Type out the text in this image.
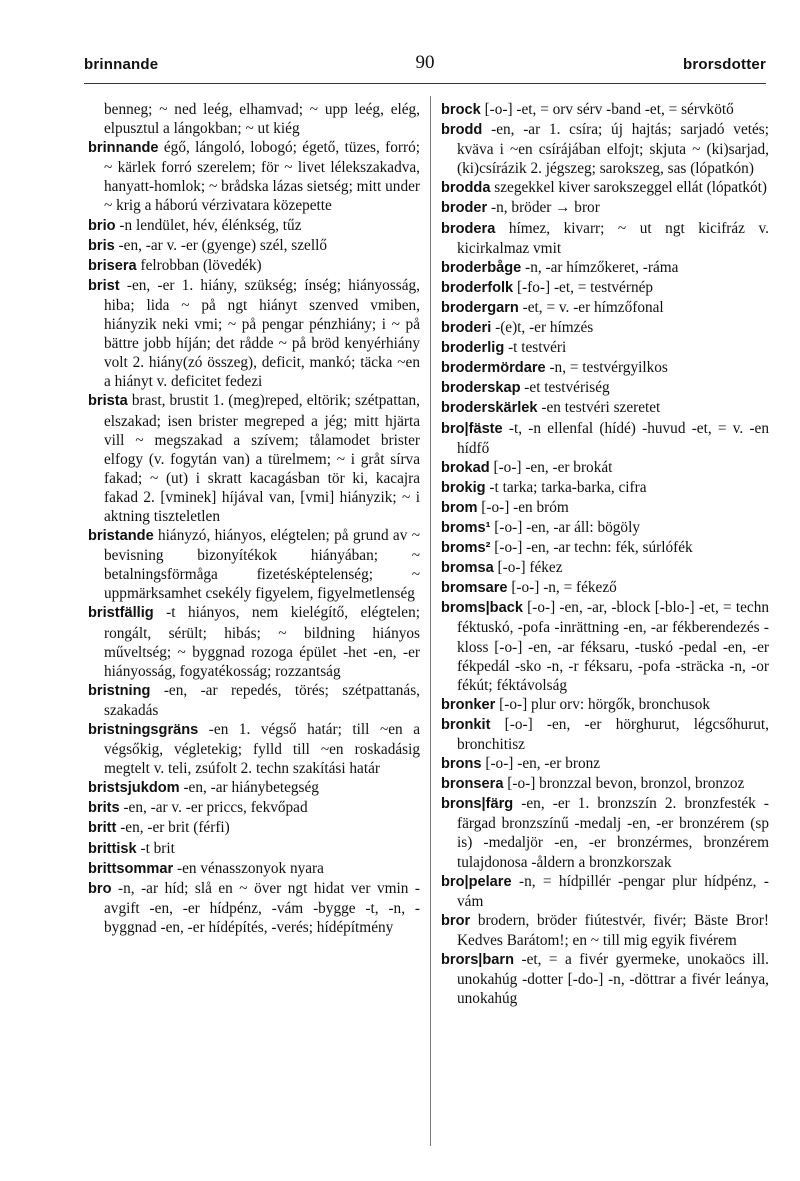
brinnande	90	brorsdotter

benneg; ~ ned leég, elhamvad; ~ upp leég, elég, elpusztul a lángokban; ~ ut kiég

brinnande égő, lángoló, lobogó; égető, tüzes, forró; ~ kärlek forró szerelem; för ~ livet lélekszakadva, hanyatt-homlok; ~ brådska lázas sietség; mitt under ~ krig a háború vérzivatara közepette

brio -n lendület, hév, élénkség, tűz

bris -en, -ar v. -er (gyenge) szél, szellő

brisera felrobban (lövedék)

brist -en, -er 1. hiány, szükség; ínség; hiányosság, hiba; lida ~ på ngt hiányt szenved vmiben, hiányzik neki vmi; ~ på pengar pénzhiány; i ~ på bättre jobb híján; det rådde ~ på bröd kenyérhiány volt 2. hiány(zó összeg), deficit, mankó; täcka ~en a hiányt v. deficitet fedezi

brista brast, brustit 1. (meg)reped, eltörik; szétpattan, elszakad; isen brister megreped a jég; mitt hjärta vill ~ megszakad a szívem; tålamodet brister elfogy (v. fogytán van) a türelmem; ~ i gråt sírva fakad; ~ (ut) i skratt kacagásban tör ki, kacajra fakad 2. [vminek] híjával van, [vmi] hiányzik; ~ i aktning tiszteletlen

bristande hiányzó, hiányos, elégtelen; på grund av ~ bevisning bizonyítékok hiányában; ~ betalningsförmåga fizetésképtelenség; ~ uppmärksamhet csekély figyelem, figyelmetlenség

bristfällig -t hiányos, nem kielégítő, elégtelen; rongált, sérült; hibás; ~ bildning hiányos műveltség; ~ byggnad rozoga épület -het -en, -er hiányosság, fogyatékosság; rozzantság

bristning -en, -ar repedés, törés; szétpattanás, szakadás

bristningsgräns -en 1. végső határ; till ~en a végsőkig, végletekig; fylld till ~en roskadásig megtelt v. teli, zsúfolt 2. techn szakítási határ

bristsjukdom -en, -ar hiánybetegség

brits -en, -ar v. -er priccs, fekvőpad

britt -en, -er brit (férfi)

brittisk -t brit

brittsommar -en vénasszonyok nyara

bro -n, -ar híd; slå en ~ över ngt hidat ver vmin -avgift -en, -er hídpénz, -vám -bygge -t, -n, -byggnad -en, -er hídépítés, -verés; hídépítmény

brock [-o-] -et, = orv sérv -band -et, = sérvkötő

brodd -en, -ar 1. csíra; új hajtás; sarjadó vetés; kväva i ~en csírájában elfojt; skjuta ~ (ki)sarjad, (ki)csírázik 2. jégszeg; sarokszeg, sas (lópatkón)

brodda szegekkel kiver sarokszeggel ellát (lópatkót)

broder -n, bröder → bror

brodera hímez, kivarr; ~ ut ngt kicifráz v. kicirkalmaz vmit

broderbåge -n, -ar hímzőkeret, -ráma

broderfolk [-fo-] -et, = testvérnép

brodergarn -et, = v. -er hímzőfonal

broderi -(e)t, -er hímzés

broderlig -t testvéri

brodermördare -n, = testvérgyilkos

broderskap -et testvériség

broderskärlek -en testvéri szeretet

bro|fäste -t, -n ellenfal (hídé) -huvud -et, = v. -en hídfő

brokad [-o-] -en, -er brokát

brokig -t tarka; tarka-barka, cifra

brom [-o-] -en bróm

broms¹ [-o-] -en, -ar áll: bögöly

broms² [-o-] -en, -ar techn: fék, súrlófék

bromsa [-o-] fékez

bromsare [-o-] -n, = fékező

broms|back [-o-] -en, -ar, -block [-blo-] -et, = techn féktuskó, -pofa -inrättning -en, -ar fékberendezés -kloss [-o-] -en, -ar féksaru, -tuskó -pedal -en, -er fékpedál -sko -n, -r féksaru, -pofa -sträcka -n, -or fékút; féktávolság

bronker [-o-] plur orv: hörgők, bronchusok

bronkit [-o-] -en, -er hörghurut, légcsőhurut, bronchitisz

brons [-o-] -en, -er bronz

bronsera [-o-] bronzzal bevon, bronzol, bronzoz

brons|färg -en, -er 1. bronzszín 2. bronzfesték -färgad bronzszínű -medalj -en, -er bronzérem (sp is) -medaljör -en, -er bronzérmes, bronzérem tulajdonosa -åldern a bronzkorszak

bro|pelare -n, = hídpillér -pengar plur hídpénz, -vám

bror brodern, bröder fiútestvér, fivér; Bäste Bror! Kedves Barátom!; en ~ till mig egyik fivérem

brors|barn -et, = a fivér gyermeke, unokaöcs ill. unokahúg -dotter [-do-] -n, -döttrar a fivér leánya, unokahúg
